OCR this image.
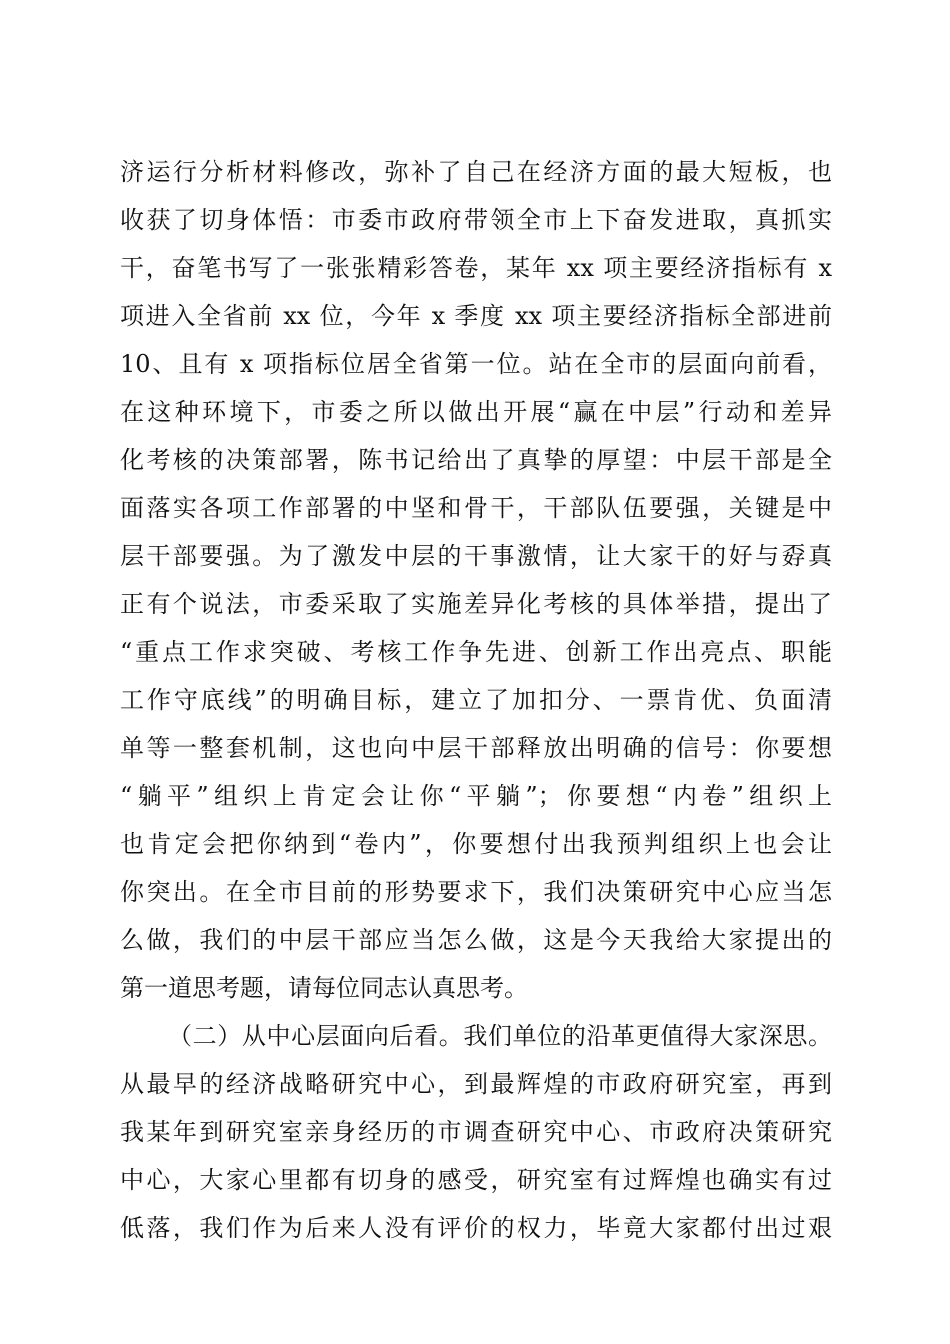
济运行分析材料修改，弥补了自己在经济方面的最大短板，也
收获了切身体悟：市委市政府带领全市上下奋发进取，真抓实
干，奋笔书写了一张张精彩答卷，某年 xx 项主要经济指标有 x
项进入全省前 xx 位，今年 x 季度 xx 项主要经济指标全部进前
10、且有 x 项指标位居全省第一位。站在全市的层面向前看，
在这种环境下，市委之所以做出开展“赢在中层”行动和差异
化考核的决策部署，陈书记给出了真挚的厚望：中层干部是全
面落实各项工作部署的中坚和骨干，干部队伍要强，关键是中
层干部要强。为了激发中层的干事激情，让大家干的好与孬真
正有个说法，市委采取了实施差异化考核的具体举措，提出了
“重点工作求突破、考核工作争先进、创新工作出亮点、职能
工作守底线”的明确目标，建立了加扣分、一票肯优、负面清
单等一整套机制，这也向中层干部释放出明确的信号：你要想
“躺平”组织上肯定会让你“平躺”；你要想“内卷”组织上
也肯定会把你纳到“卷内”，你要想付出我预判组织上也会让
你突出。在全市目前的形势要求下，我们决策研究中心应当怎
么做，我们的中层干部应当怎么做，这是今天我给大家提出的
第一道思考题，请每位同志认真思考。
（二）从中心层面向后看。我们单位的沿革更值得大家深思。
从最早的经济战略研究中心，到最辉煌的市政府研究室，再到
我某年到研究室亲身经历的市调查研究中心、市政府决策研究
中心，大家心里都有切身的感受，研究室有过辉煌也确实有过
低落，我们作为后来人没有评价的权力，毕竟大家都付出过艰
